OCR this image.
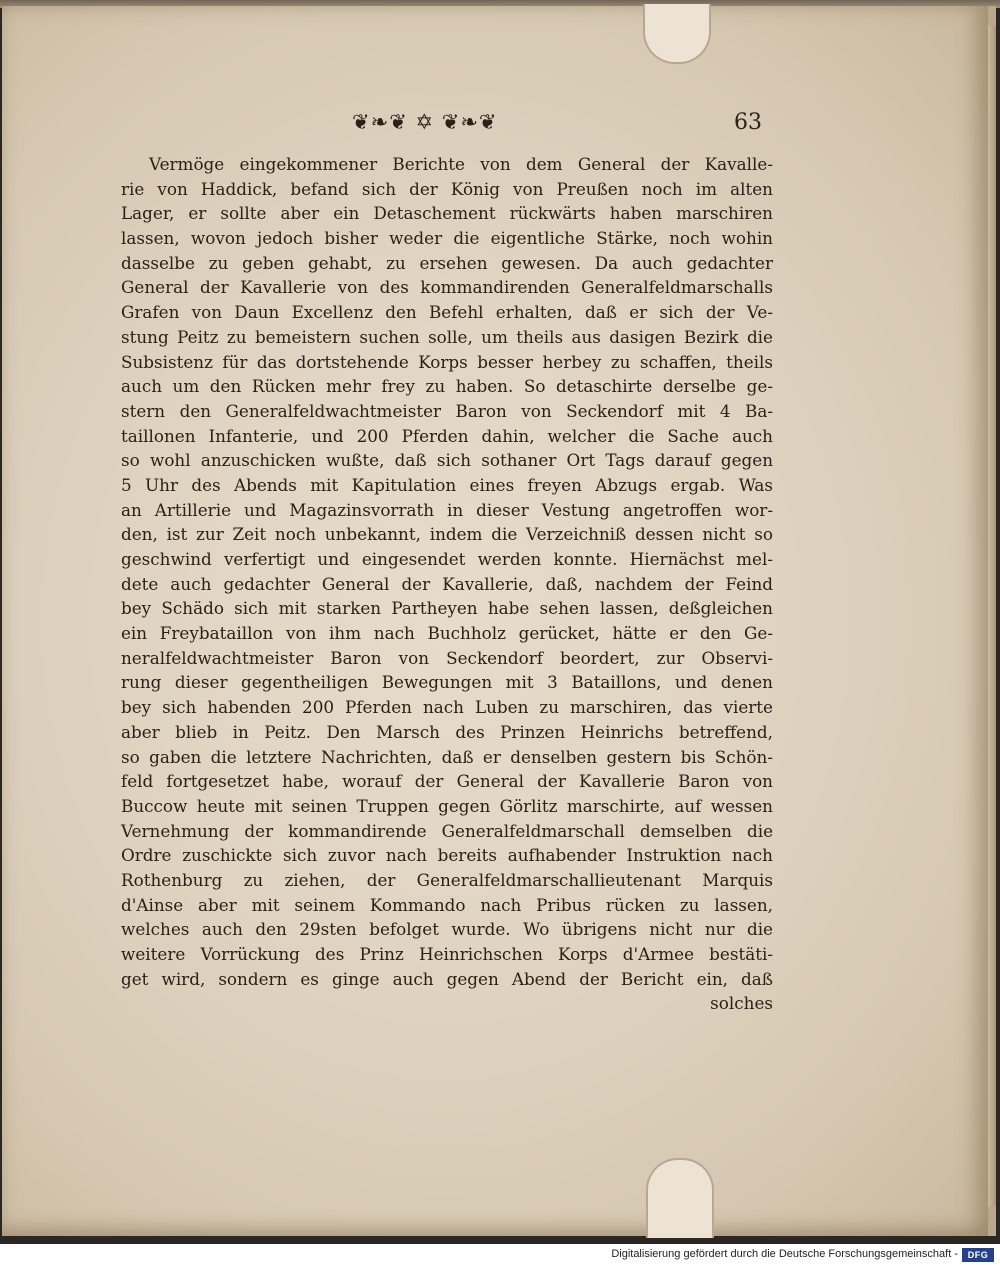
❦❧❦ ✡ ❦❧❦	63
Vermöge eingekommener Berichte von dem General der Kavalle-
rie von Haddick, befand sich der König von Preußen noch im alten
Lager, er sollte aber ein Detaschement rückwärts haben marschiren
lassen, wovon jedoch bisher weder die eigentliche Stärke, noch wohin
dasselbe zu geben gehabt, zu ersehen gewesen. Da auch gedachter
General der Kavallerie von des kommandirenden Generalfeldmarschalls
Grafen von Daun Excellenz den Befehl erhalten, daß er sich der Ve-
stung Peitz zu bemeistern suchen solle, um theils aus dasigen Bezirk die
Subsistenz für das dortstehende Korps besser herbey zu schaffen, theils
auch um den Rücken mehr frey zu haben. So detaschirte derselbe ge-
stern den Generalfeldwachtmeister Baron von Seckendorf mit 4 Ba-
taillonen Infanterie, und 200 Pferden dahin, welcher die Sache auch
so wohl anzuschicken wußte, daß sich sothaner Ort Tags darauf gegen
5 Uhr des Abends mit Kapitulation eines freyen Abzugs ergab. Was
an Artillerie und Magazinsvorrath in dieser Vestung angetroffen wor-
den, ist zur Zeit noch unbekannt, indem die Verzeichniß dessen nicht so
geschwind verfertigt und eingesendet werden konnte. Hiernächst mel-
dete auch gedachter General der Kavallerie, daß, nachdem der Feind
bey Schädo sich mit starken Partheyen habe sehen lassen, deßgleichen
ein Freybataillon von ihm nach Buchholz gerücket, hätte er den Ge-
neralfeldwachtmeister Baron von Seckendorf beordert, zur Observi-
rung dieser gegentheiligen Bewegungen mit 3 Bataillons, und denen
bey sich habenden 200 Pferden nach Luben zu marschiren, das vierte
aber blieb in Peitz. Den Marsch des Prinzen Heinrichs betreffend,
so gaben die letztere Nachrichten, daß er denselben gestern bis Schön-
feld fortgesetzet habe, worauf der General der Kavallerie Baron von
Buccow heute mit seinen Truppen gegen Görlitz marschirte, auf wessen
Vernehmung der kommandirende Generalfeldmarschall demselben die
Ordre zuschickte sich zuvor nach bereits aufhabender Instruktion nach
Rothenburg zu ziehen, der Generalfeldmarschallieutenant Marquis
d'Ainse aber mit seinem Kommando nach Pribus rücken zu lassen,
welches auch den 29sten befolget wurde. Wo übrigens nicht nur die
weitere Vorrückung des Prinz Heinrichschen Korps d'Armee bestäti-
get wird, sondern es ginge auch gegen Abend der Bericht ein, daß
solches
Digitalisierung gefördert durch die Deutsche Forschungsgemeinschaft -	DFG
